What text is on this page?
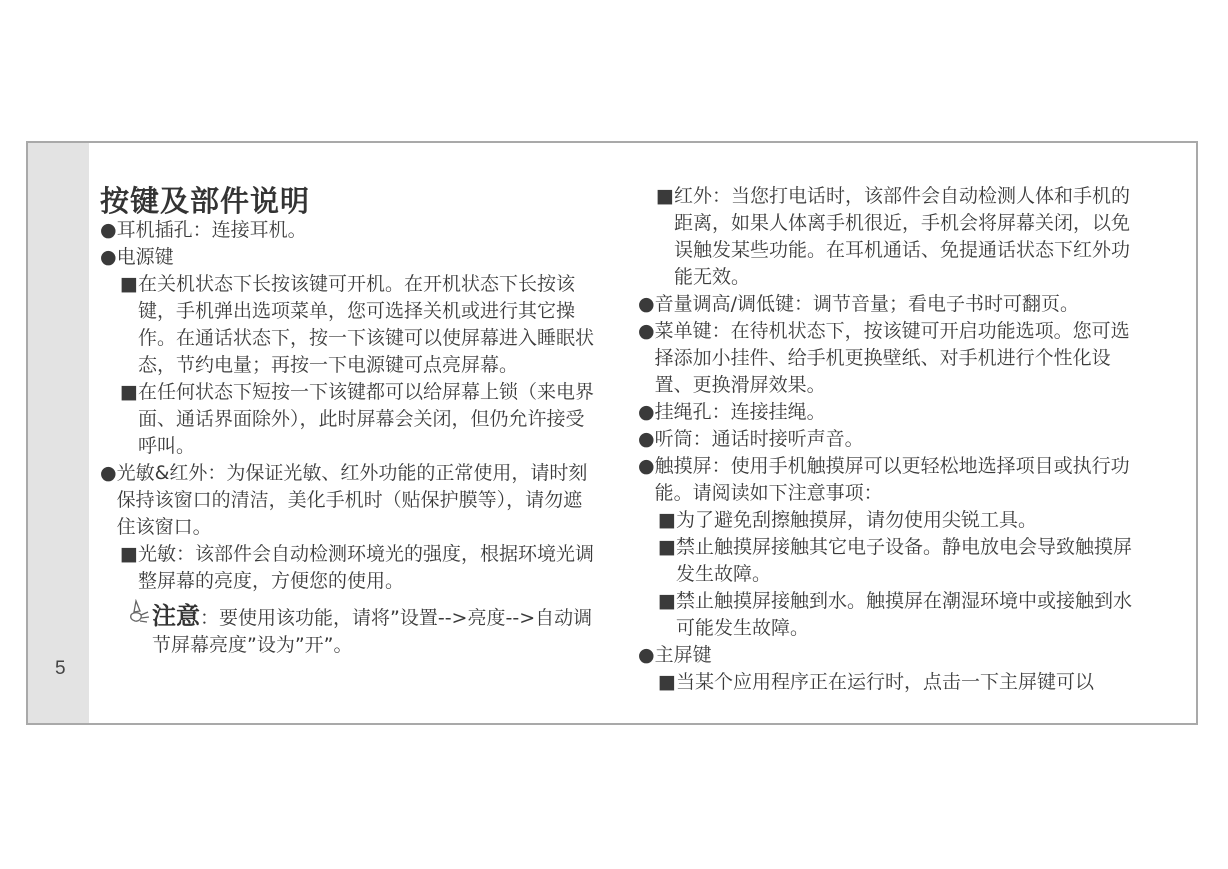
5
按键及部件说明
● 耳机插孔：连接耳机。
● 电源键
■ 在关机状态下长按该键可开机。在开机状态下长按该键，手机弹出选项菜单，您可选择关机或进行其它操作。在通话状态下，按一下该键可以使屏幕进入睡眠状态，节约电量；再按一下电源键可点亮屏幕。
■ 在任何状态下短按一下该键都可以给屏幕上锁（来电界面、通话界面除外），此时屏幕会关闭，但仍允许接受呼叫。
● 光敏&红外：为保证光敏、红外功能的正常使用，请时刻保持该窗口的清洁，美化手机时（贴保护膜等），请勿遮住该窗口。
■ 光敏：该部件会自动检测环境光的强度，根据环境光调整屏幕的亮度，方便您的使用。
注意：要使用该功能，请将”设置-->亮度-->自动调节屏幕亮度”设为”开”。
■ 红外：当您打电话时，该部件会自动检测人体和手机的距离，如果人体离手机很近，手机会将屏幕关闭，以免误触发某些功能。在耳机通话、免提通话状态下红外功能无效。
● 音量调高/调低键：调节音量；看电子书时可翻页。
● 菜单键：在待机状态下，按该键可开启功能选项。您可选择添加小挂件、给手机更换壁纸、对手机进行个性化设置、更换滑屏效果。
● 挂绳孔：连接挂绳。
● 听筒：通话时接听声音。
● 触摸屏：使用手机触摸屏可以更轻松地选择项目或执行功能。请阅读如下注意事项：
■ 为了避免刮擦触摸屏，请勿使用尖锐工具。
■ 禁止触摸屏接触其它电子设备。静电放电会导致触摸屏发生故障。
■ 禁止触摸屏接触到水。触摸屏在潮湿环境中或接触到水可能发生故障。
● 主屏键
■ 当某个应用程序正在运行时，点击一下主屏键可以
